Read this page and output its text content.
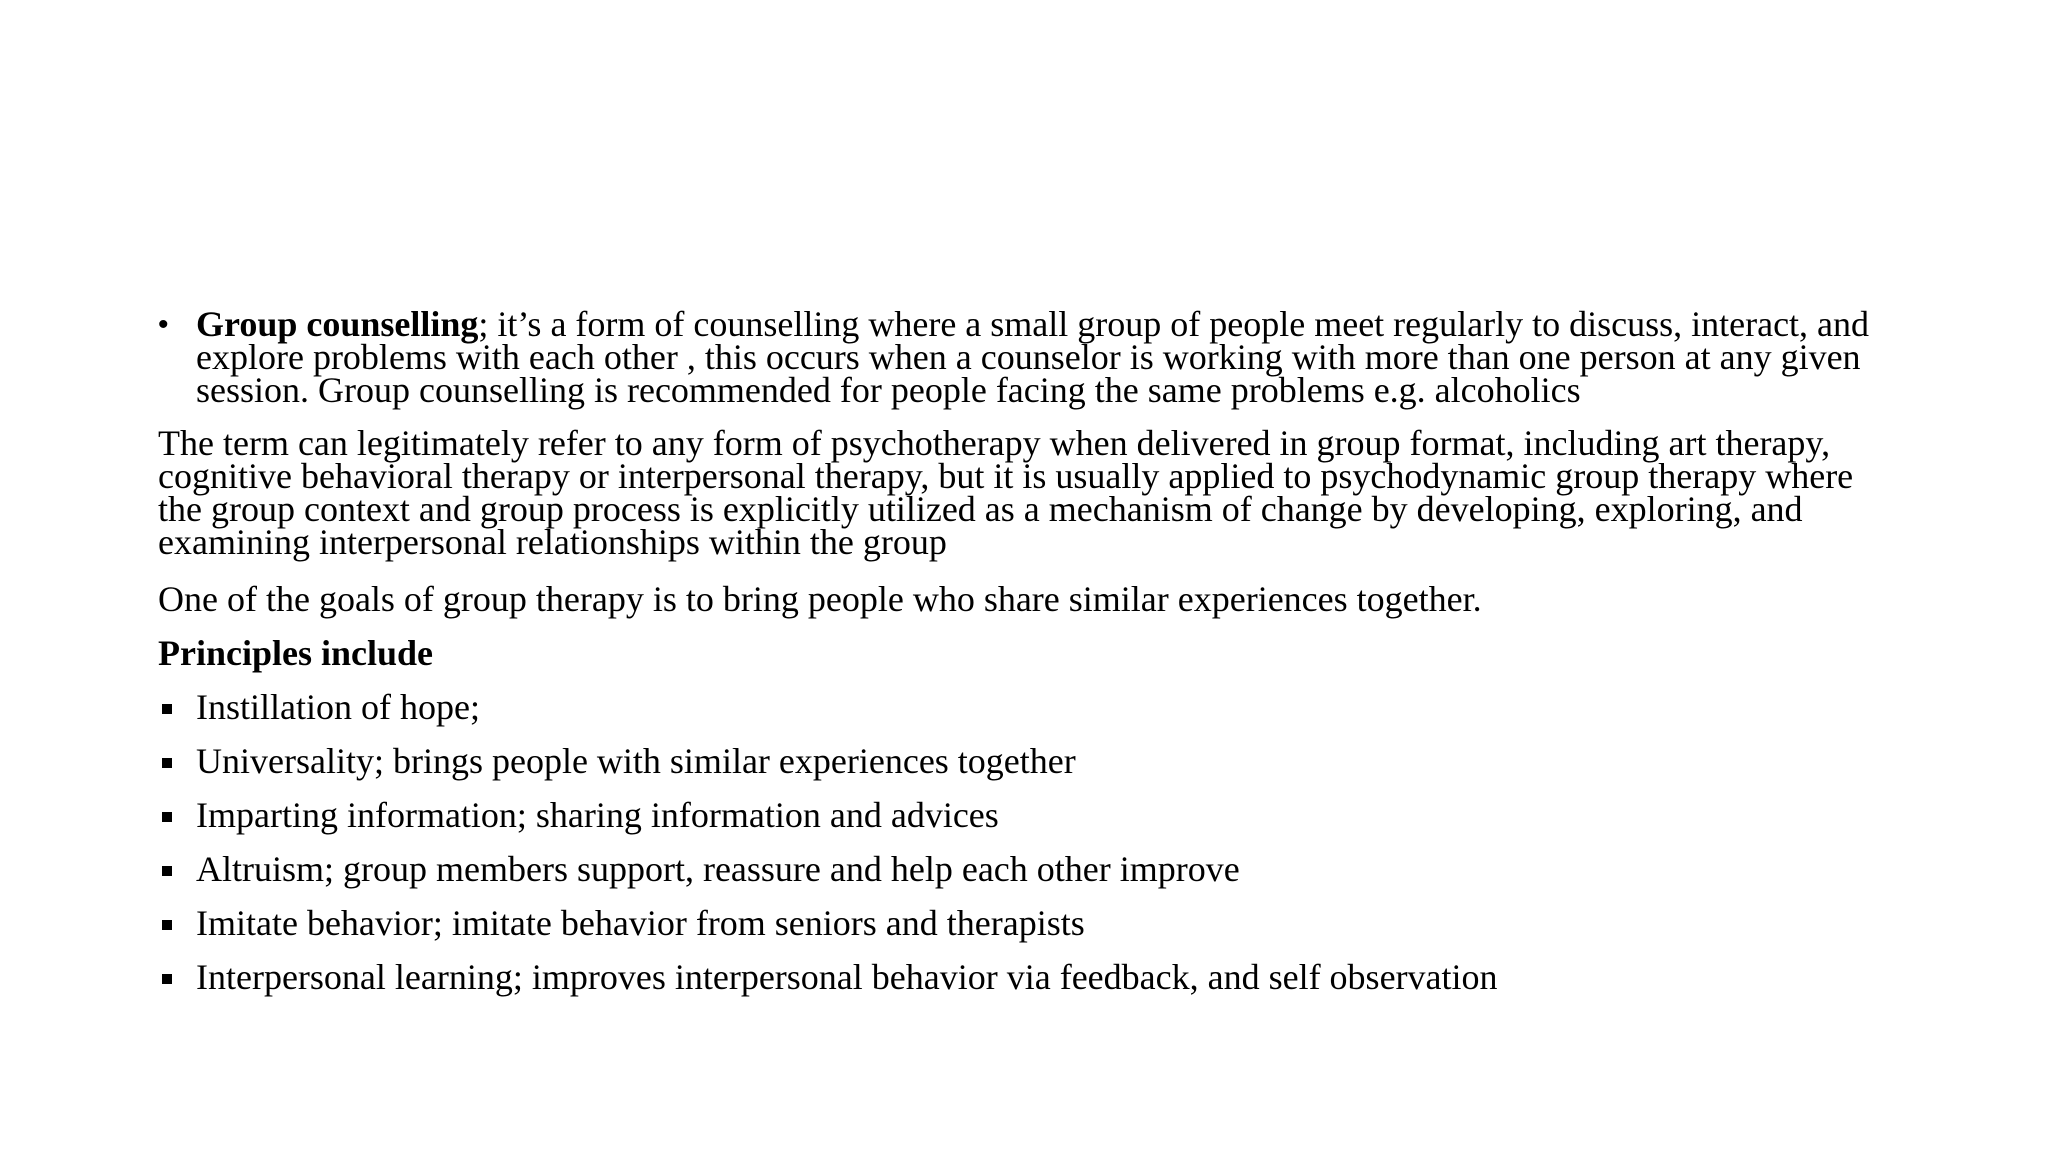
• Group counselling; it’s a form of counselling where a small group of people meet regularly to discuss, interact, and explore problems with each other , this occurs when a counselor is working with more than one person at any given session. Group counselling is recommended for people facing the same problems e.g. alcoholics
The term can legitimately refer to any form of psychotherapy when delivered in group format, including art therapy, cognitive behavioral therapy or interpersonal therapy, but it is usually applied to psychodynamic group therapy where the group context and group process is explicitly utilized as a mechanism of change by developing, exploring, and examining interpersonal relationships within the group
One of the goals of group therapy is to bring people who share similar experiences together.
Principles include
Instillation of hope;
Universality; brings people with similar experiences together
Imparting information; sharing information and advices
Altruism; group members support, reassure and help each other improve
Imitate behavior; imitate behavior from seniors and therapists
Interpersonal learning; improves interpersonal behavior via feedback, and self observation
